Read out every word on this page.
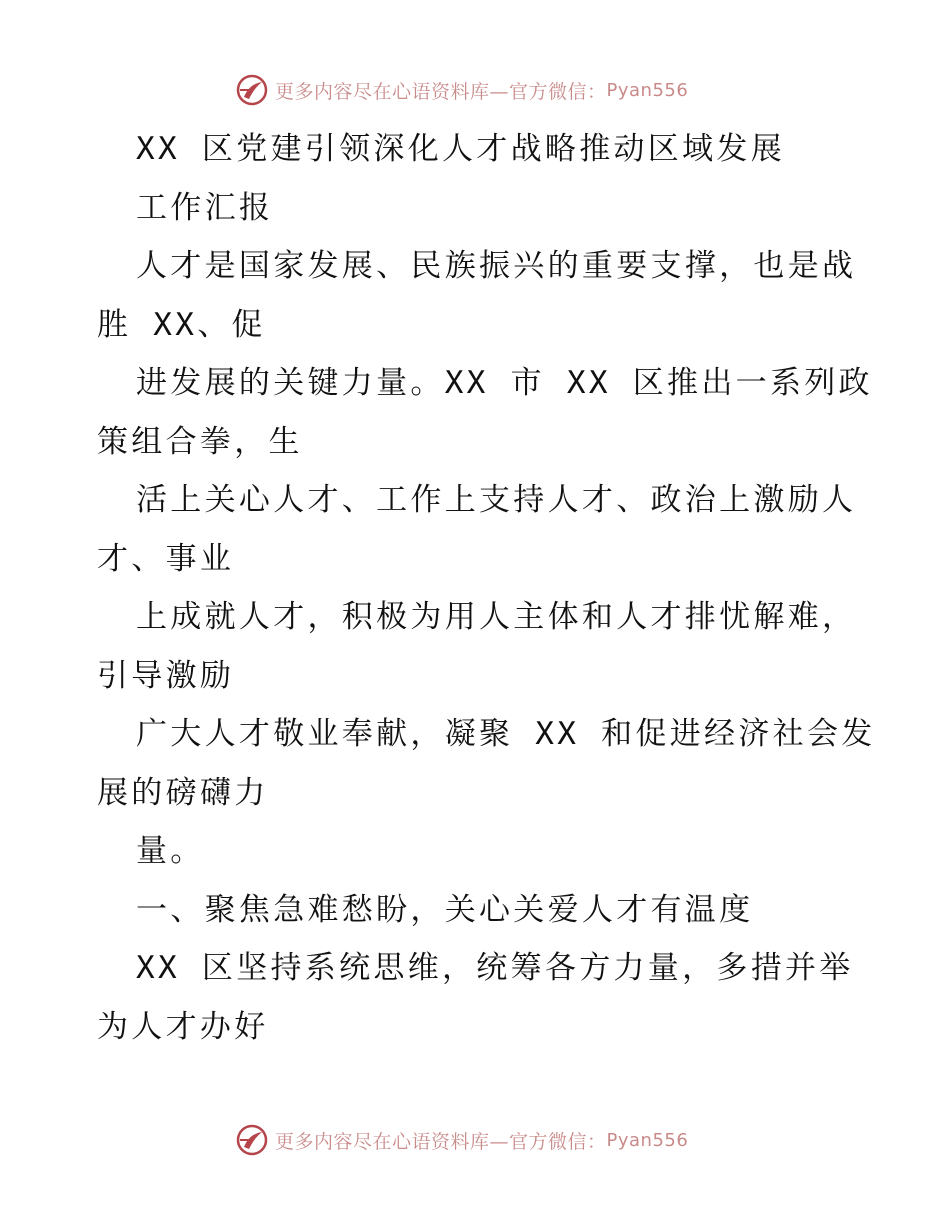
更多内容尽在心语资料库—官方微信： Pyan556
XX 区党建引领深化人才战略推动区域发展
工作汇报
人才是国家发展、民族振兴的重要支撑，也是战
胜 XX、促
进发展的关键力量。XX 市 XX 区推出一系列政
策组合拳，生
活上关心人才、工作上支持人才、政治上激励人
才、事业
上成就人才，积极为用人主体和人才排忧解难，
引导激励
广大人才敬业奉献，凝聚 XX 和促进经济社会发
展的磅礴力
量。
一、聚焦急难愁盼，关心关爱人才有温度
XX 区坚持系统思维，统筹各方力量，多措并举
为人才办好
更多内容尽在心语资料库—官方微信： Pyan556
